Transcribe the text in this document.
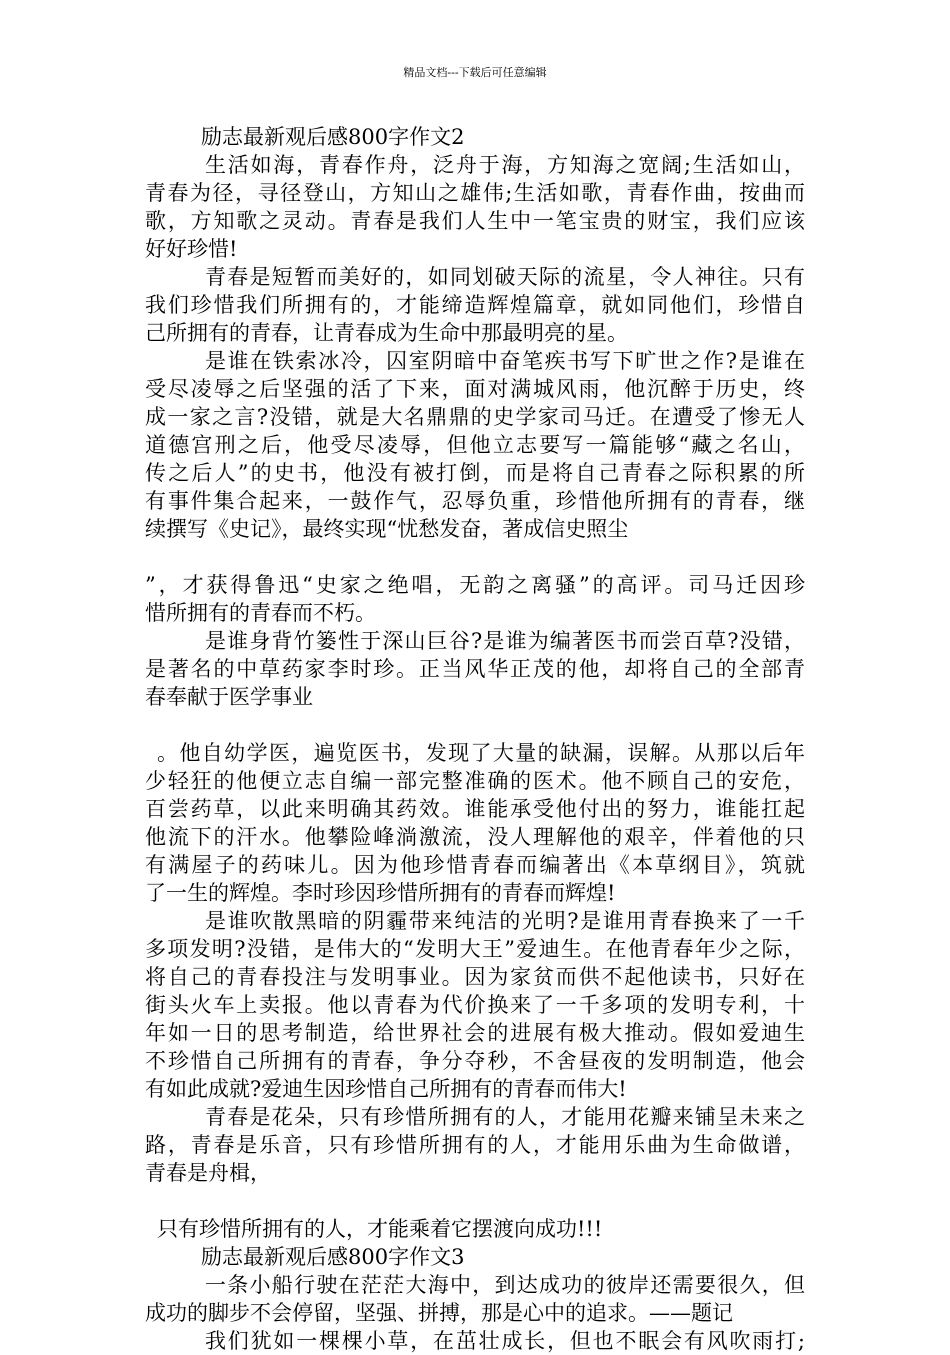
精品文档---下载后可任意编辑
励志最新观后感800字作文2
生活如海，青春作舟，泛舟于海，方知海之宽阔;生活如山，
青春为径，寻径登山，方知山之雄伟;生活如歌，青春作曲，按曲而
歌，方知歌之灵动。青春是我们人生中一笔宝贵的财宝，我们应该
好好珍惜!
青春是短暂而美好的，如同划破天际的流星，令人神往。只有
我们珍惜我们所拥有的，才能缔造辉煌篇章，就如同他们，珍惜自
己所拥有的青春，让青春成为生命中那最明亮的星。
是谁在铁索冰冷，囚室阴暗中奋笔疾书写下旷世之作?是谁在
受尽凌辱之后坚强的活了下来，面对满城风雨，他沉醉于历史，终
成一家之言?没错，就是大名鼎鼎的史学家司马迁。在遭受了惨无人
道德宫刑之后，他受尽凌辱，但他立志要写一篇能够“藏之名山，
传之后人”的史书，他没有被打倒，而是将自己青春之际积累的所
有事件集合起来，一鼓作气，忍辱负重，珍惜他所拥有的青春，继
续撰写《史记》，最终实现“忧愁发奋，著成信史照尘
”，才获得鲁迅“史家之绝唱，无韵之离骚”的高评。司马迁因珍
惜所拥有的青春而不朽。
是谁身背竹篓性于深山巨谷?是谁为编著医书而尝百草?没错，
是著名的中草药家李时珍。正当风华正茂的他，却将自己的全部青
春奉献于医学事业
。他自幼学医，遍览医书，发现了大量的缺漏，误解。从那以后年
少轻狂的他便立志自编一部完整准确的医术。他不顾自己的安危，
百尝药草，以此来明确其药效。谁能承受他付出的努力，谁能扛起
他流下的汗水。他攀险峰淌激流，没人理解他的艰辛，伴着他的只
有满屋子的药味儿。因为他珍惜青春而编著出《本草纲目》，筑就
了一生的辉煌。李时珍因珍惜所拥有的青春而辉煌!
是谁吹散黑暗的阴霾带来纯洁的光明?是谁用青春换来了一千
多项发明?没错，是伟大的“发明大王”爱迪生。在他青春年少之际，
将自己的青春投注与发明事业。因为家贫而供不起他读书，只好在
街头火车上卖报。他以青春为代价换来了一千多项的发明专利，十
年如一日的思考制造，给世界社会的进展有极大推动。假如爱迪生
不珍惜自己所拥有的青春，争分夺秒，不舍昼夜的发明制造，他会
有如此成就?爱迪生因珍惜自己所拥有的青春而伟大!
青春是花朵，只有珍惜所拥有的人，才能用花瓣来铺呈未来之
路，青春是乐音，只有珍惜所拥有的人，才能用乐曲为生命做谱，
青春是舟楫，
只有珍惜所拥有的人，才能乘着它摆渡向成功!!!
励志最新观后感800字作文3
一条小船行驶在茫茫大海中，到达成功的彼岸还需要很久，但
成功的脚步不会停留，坚强、拼搏，那是心中的追求。——题记
我们犹如一棵棵小草，在茁壮成长，但也不眠会有风吹雨打;
